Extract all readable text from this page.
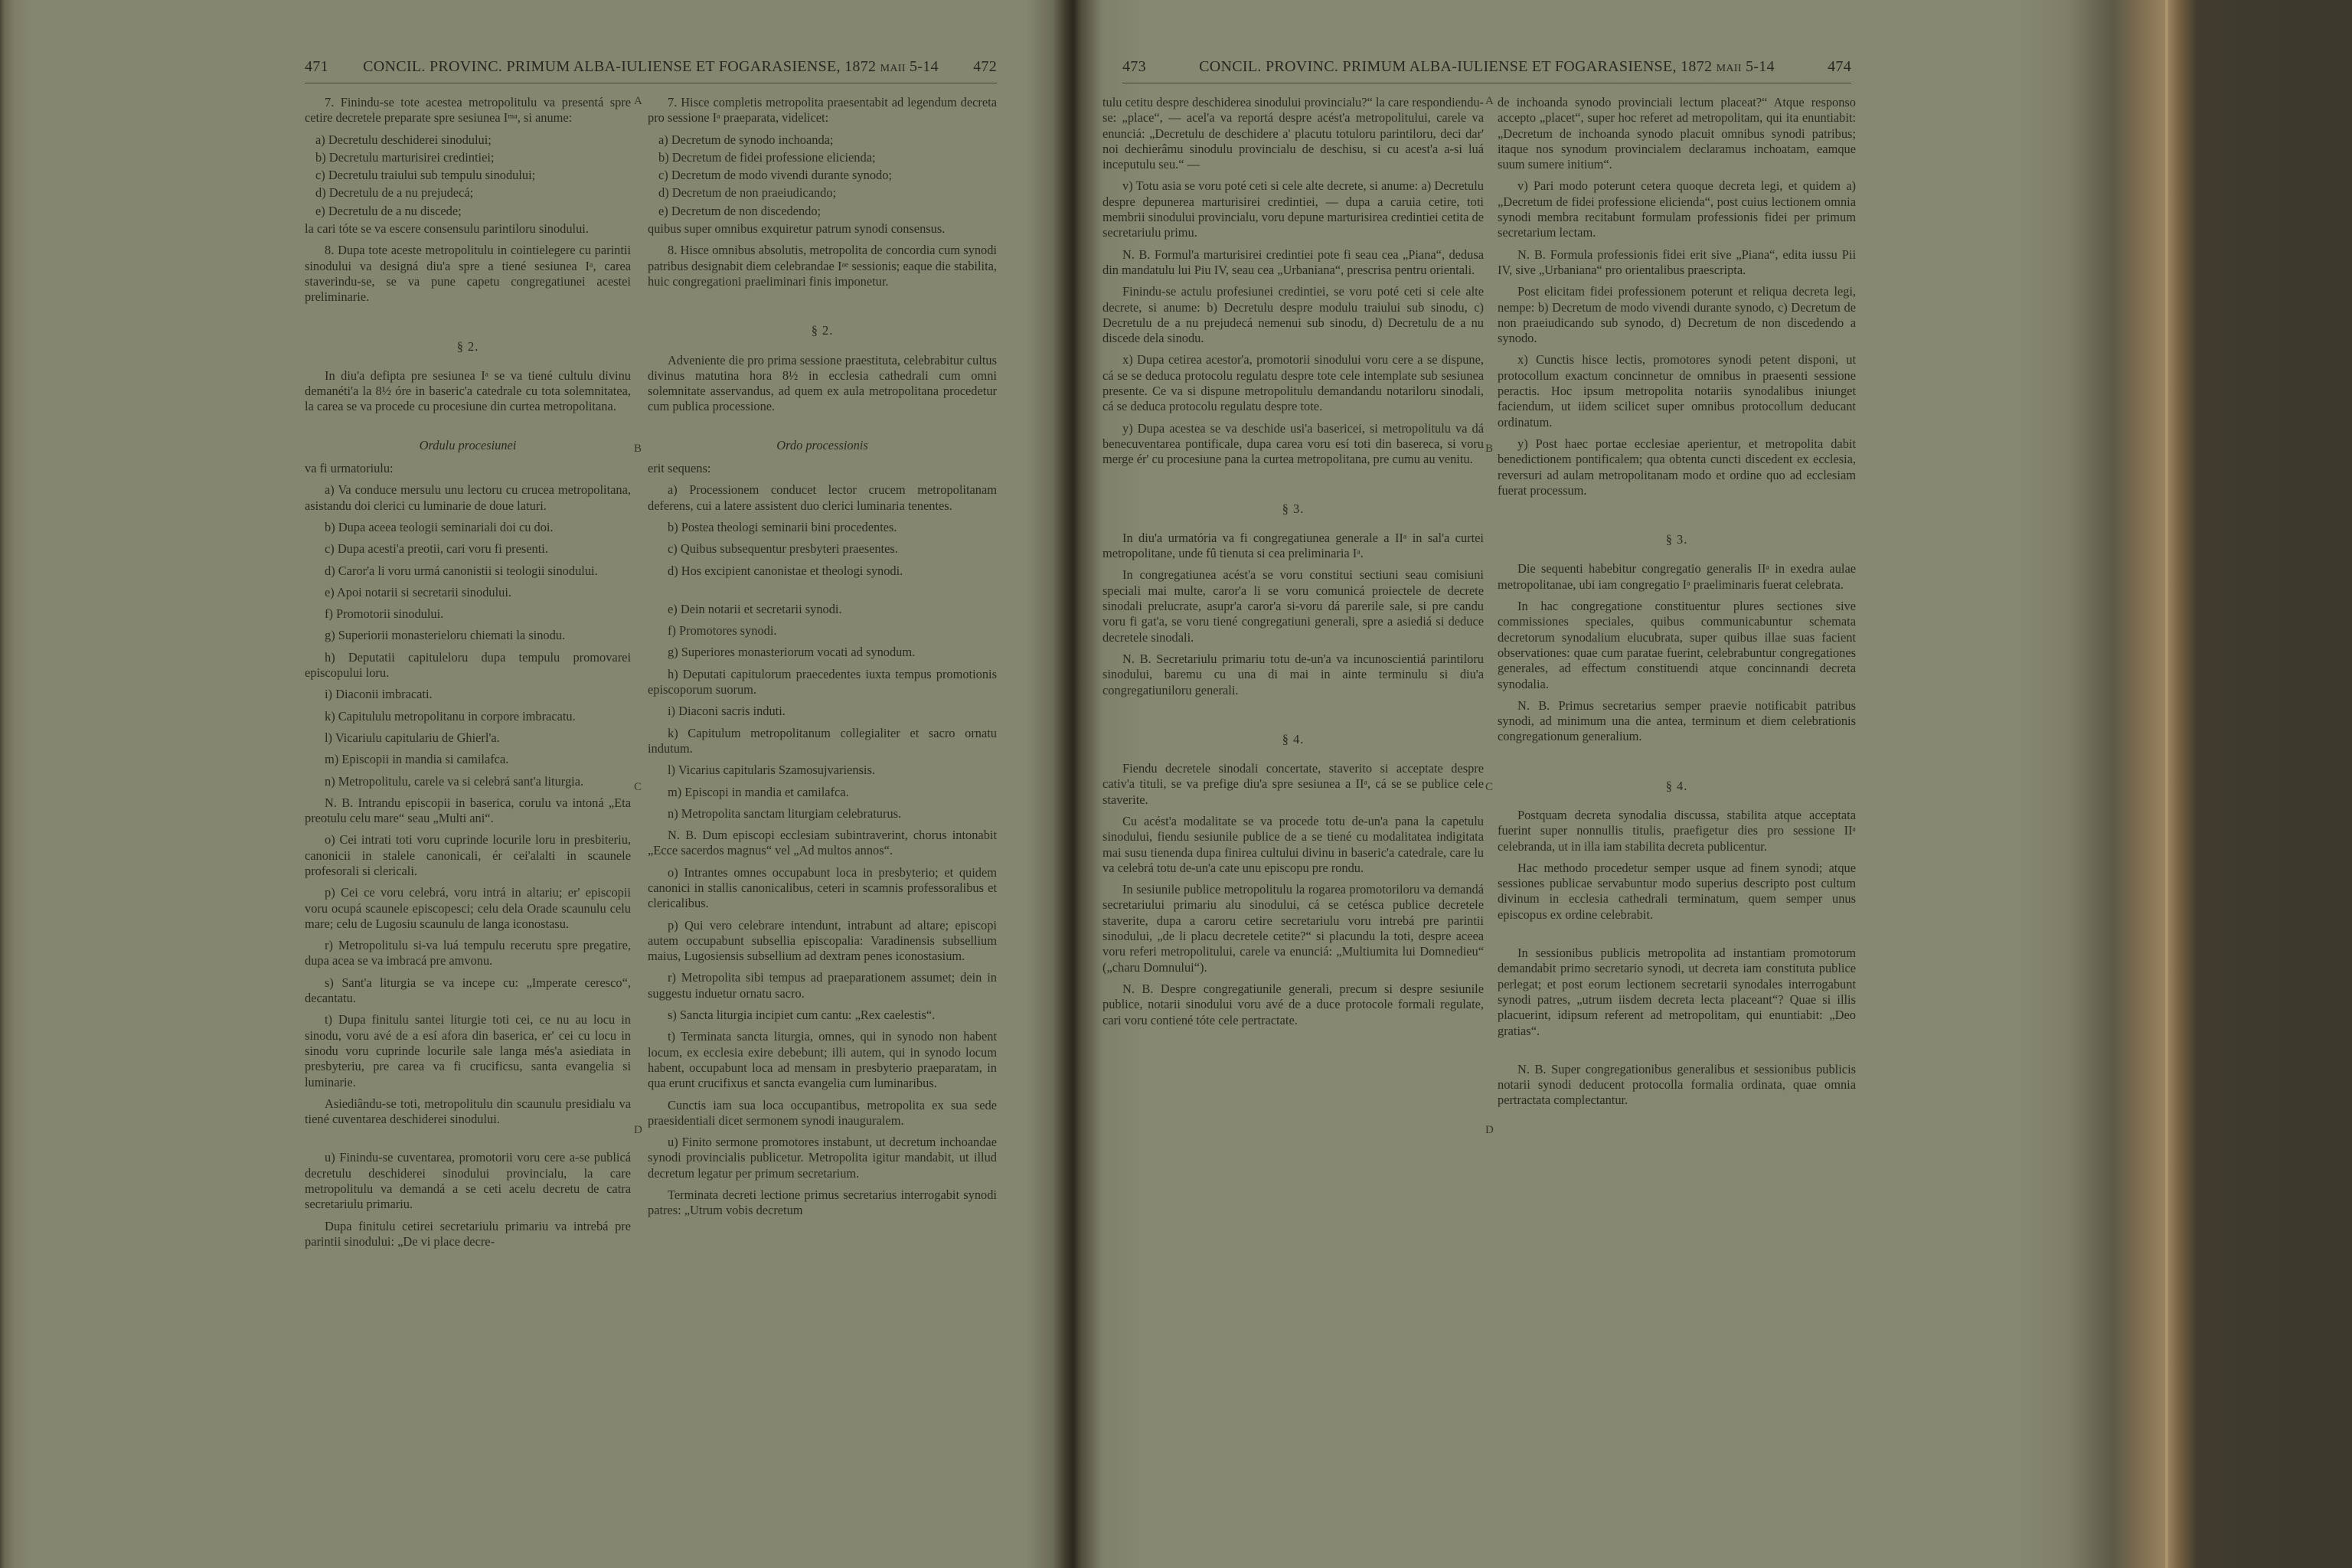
471 CONCIL. PROVINC. PRIMUM ALBA-IULIENSE ET FOGARASIENSE, 1872 maii 5-14 472

7. Finindu-se tote acestea metropolitulu va presentá spre cetire decretele preparate spre sesiunea Iᵐᵃ, si anume:

a) Decretulu deschiderei sinodului;

b) Decretulu marturisirei credintiei;

c) Decretulu traiului sub tempulu sinodului;

d) Decretulu de a nu prejudecá;

e) Decretulu de a nu discede;

la cari tóte se va escere consensulu parintiloru sinodului.

8. Dupa tote aceste metropolitulu in cointielegere cu parintii sinodului va designá diu'a spre a tiené sesiunea Iᵃ, carea staverindu-se, se va pune capetu congregatiunei acestei preliminarie.

§ 2.

In diu'a defipta pre sesiunea Iᵃ se va tiené cultulu divinu demanéti'a la 8½ óre in baseric'a catedrale cu tota solemnitatea, la carea se va procede cu procesiune din curtea metropolitana.

Ordulu procesiunei

va fi urmatoriulu:

a) Va conduce mersulu unu lectoru cu crucea metropolitana, asistandu doi clerici cu luminarie de doue laturi.

b) Dupa aceea teologii seminariali doi cu doi.

c) Dupa acesti'a preotii, cari voru fi presenti.

d) Caror'a li voru urmá canonistii si teologii sinodului.

e) Apoi notarii si secretarii sinodului.

f) Promotorii sinodului.

g) Superiorii monasterieloru chiemati la sinodu.

h) Deputatii capituleloru dupa tempulu promovarei episcopului loru.

i) Diaconii imbracati.

k) Capitululu metropolitanu in corpore imbracatu.

l) Vicariulu capitulariu de Ghierl'a.

m) Episcopii in mandia si camilafca.

n) Metropolitulu, carele va si celebrá sant'a liturgia.

N. B. Intrandu episcopii in baserica, corulu va intoná „Eta preotulu celu mare“ seau „Multi ani“.

o) Cei intrati toti voru cuprinde locurile loru in presbiteriu, canonicii in stalele canonicali, ér cei'alalti in scaunele profesorali si clericali.

p) Cei ce voru celebrá, voru intrá in altariu; er' episcopii voru ocupá scaunele episcopesci; celu dela Orade scaunulu celu mare; celu de Lugosiu scaunulu de langa iconostasu.

r) Metropolitulu si-va luá tempulu recerutu spre pregatire, dupa acea se va imbracá pre amvonu.

s) Sant'a liturgia se va incepe cu: „Imperate ceresco“, decantatu.

t) Dupa finitulu santei liturgie toti cei, ce nu au locu in sinodu, voru avé de a esí afora din baserica, er' cei cu locu in sinodu voru cuprinde locurile sale langa més'a asiediata in presbyteriu, pre carea va fi crucificsu, santa evangelia si luminarie.

Asiediându-se toti, metropolitulu din scaunulu presidialu va tiené cuventarea deschiderei sinodului.

u) Finindu-se cuventarea, promotorii voru cere a-se publicá decretulu deschiderei sinodului provincialu, la care metropolitulu va demandá a se ceti acelu decretu de catra secretariulu primariu.

Dupa finitulu cetirei secretariulu primariu va intrebá pre parintii sinodului: „De vi place decre-

7. Hisce completis metropolita praesentabit ad legendum decreta pro sessione Iᵃ praeparata, videlicet:

a) Decretum de synodo inchoanda;

b) Decretum de fidei professione elicienda;

c) Decretum de modo vivendi durante synodo;

d) Decretum de non praeiudicando;

e) Decretum de non discedendo;

quibus super omnibus exquiretur patrum synodi consensus.

8. Hisce omnibus absolutis, metropolita de concordia cum synodi patribus designabit diem celebrandae Iᵃᵉ sessionis; eaque die stabilita, huic congregationi praeliminari finis imponetur.

§ 2.

Adveniente die pro prima sessione praestituta, celebrabitur cultus divinus matutina hora 8½ in ecclesia cathedrali cum omni solemnitate asservandus, ad quem ex aula metropolitana procedetur cum publica processione.

Ordo processionis

erit sequens:

a) Processionem conducet lector crucem metropolitanam deferens, cui a latere assistent duo clerici luminaria tenentes.

b) Postea theologi seminarii bini procedentes.

c) Quibus subsequentur presbyteri praesentes.

d) Hos excipient canonistae et theologi synodi.

e) Dein notarii et secretarii synodi.

f) Promotores synodi.

g) Superiores monasteriorum vocati ad synodum.

h) Deputati capitulorum praecedentes iuxta tempus promotionis episcoporum suorum.

i) Diaconi sacris induti.

k) Capitulum metropolitanum collegialiter et sacro ornatu indutum.

l) Vicarius capitularis Szamosujvariensis.

m) Episcopi in mandia et camilafca.

n) Metropolita sanctam liturgiam celebraturus.

N. B. Dum episcopi ecclesiam subintraverint, chorus intonabit „Ecce sacerdos magnus“ vel „Ad multos annos“.

o) Intrantes omnes occupabunt loca in presbyterio; et quidem canonici in stallis canonicalibus, ceteri in scamnis professoralibus et clericalibus.

p) Qui vero celebrare intendunt, intrabunt ad altare; episcopi autem occupabunt subsellia episcopalia: Varadinensis subsellium maius, Lugosiensis subsellium ad dextram penes iconostasium.

r) Metropolita sibi tempus ad praeparationem assumet; dein in suggestu induetur ornatu sacro.

s) Sancta liturgia incipiet cum cantu: „Rex caelestis“.

t) Terminata sancta liturgia, omnes, qui in synodo non habent locum, ex ecclesia exire debebunt; illi autem, qui in synodo locum habent, occupabunt loca ad mensam in presbyterio praeparatam, in qua erunt crucifixus et sancta evangelia cum luminaribus.

Cunctis iam sua loca occupantibus, metropolita ex sua sede praesidentiali dicet sermonem synodi inauguralem.

u) Finito sermone promotores instabunt, ut decretum inchoandae synodi provincialis publicetur. Metropolita igitur mandabit, ut illud decretum legatur per primum secretarium.

Terminata decreti lectione primus secretarius interrogabit synodi patres: „Utrum vobis decretum

A
B
C
D
473	CONCIL. PROVINC. PRIMUM ALBA-IULIENSE ET FOGARASIENSE, 1872 maii 5-14	474

tulu cetitu despre deschiderea sinodului provincialu?“ la care respondiendu-se: „place“, — acel'a va reportá despre acést'a metropolitului, carele va enunciá: „Decretulu de deschidere a' placutu totuloru parintiloru, deci dar' noi dechierâmu sinodulu provincialu de deschisu, si cu acest'a a-si luá inceputulu seu.“ —

v) Totu asia se voru poté ceti si cele alte decrete, si anume: a) Decretulu despre depunerea marturisirei credintiei, — dupa a caruia cetire, toti membrii sinodului provincialu, voru depune marturisirea credintiei cetita de secretariulu primu.

N. B. Formul'a marturisirei credintiei pote fi seau cea „Piana“, dedusa din mandatulu lui Piu IV, seau cea „Urbaniana“, prescrisa pentru orientali.

Finindu-se actulu profesiunei credintiei, se voru poté ceti si cele alte decrete, si anume: b) Decretulu despre modulu traiului sub sinodu, c) Decretulu de a nu prejudecá nemenui sub sinodu, d) Decretulu de a nu discede dela sinodu.

x) Dupa cetirea acestor'a, promotorii sinodului voru cere a se dispune, cá se se deduca protocolu regulatu despre tote cele intemplate sub sesiunea presente. Ce va si dispune metropolitulu demandandu notariloru sinodali, cá se deduca protocolu regulatu despre tote.

y) Dupa acestea se va deschide usi'a basericei, si metropolitulu va dá benecuventarea pontificale, dupa carea voru esí toti din basereca, si voru merge ér' cu procesiune pana la curtea metropolitana, pre cumu au venitu.

§ 3.

In diu'a urmatória va fi congregatiunea generale a IIᵃ in sal'a curtei metropolitane, unde fû tienuta si cea preliminaria Iᵃ.

In congregatiunea acést'a se voru constitui sectiuni seau comisiuni speciali mai multe, caror'a li se voru comunicá proiectele de decrete sinodali prelucrate, asupr'a caror'a si-voru dá parerile sale, si pre candu voru fi gat'a, se voru tiené congregatiuni generali, spre a asiediá si deduce decretele sinodali.

N. B. Secretariulu primariu totu de-un'a va incunoscientiá parintiloru sinodului, baremu cu una di mai in ainte terminulu si diu'a congregatiuniloru generali.

§ 4.

Fiendu decretele sinodali concertate, staverito si acceptate despre cativ'a tituli, se va prefige diu'a spre sesiunea a IIᵃ, cá se se publice cele staverite.

Cu acést'a modalitate se va procede totu de-un'a pana la capetulu sinodului, fiendu sesiunile publice de a se tiené cu modalitatea indigitata mai susu tienenda dupa finirea cultului divinu in baseric'a catedrale, care lu va celebrá totu de-un'a cate unu episcopu pre rondu.

In sesiunile publice metropolitulu la rogarea promotoriloru va demandá secretariului primariu alu sinodului, cá se cetésca publice decretele staverite, dupa a caroru cetire secretariulu voru intrebá pre parintii sinodului, „de li placu decretele cetite?“ si placundu la toti, despre aceea voru referi metropolitului, carele va enunciá: „Multiumita lui Domnedieu“ („charu Domnului“).

N. B. Despre congregatiunile generali, precum si despre sesiunile publice, notarii sinodului voru avé de a duce protocole formali regulate, cari voru contiené tóte cele pertractate.

de inchoanda synodo provinciali lectum placeat?“ Atque responso accepto „placet“, super hoc referet ad metropolitam, qui ita enuntiabit: „Decretum de inchoanda synodo placuit omnibus synodi patribus; itaque nos synodum provincialem declaramus inchoatam, eamque suum sumere initium“.

v) Pari modo poterunt cetera quoque decreta legi, et quidem a) „Decretum de fidei professione elicienda“, post cuius lectionem omnia synodi membra recitabunt formulam professionis fidei per primum secretarium lectam.

N. B. Formula professionis fidei erit sive „Piana“, edita iussu Pii IV, sive „Urbaniana“ pro orientalibus praescripta.

Post elicitam fidei professionem poterunt et reliqua decreta legi, nempe: b) Decretum de modo vivendi durante synodo, c) Decretum de non praeiudicando sub synodo, d) Decretum de non discedendo a synodo.

x) Cunctis hisce lectis, promotores synodi petent disponi, ut protocollum exactum concinnetur de omnibus in praesenti sessione peractis. Hoc ipsum metropolita notariis synodalibus iniunget faciendum, ut iidem scilicet super omnibus protocollum deducant ordinatum.

y) Post haec portae ecclesiae aperientur, et metropolita dabit benedictionem pontificalem; qua obtenta cuncti discedent ex ecclesia, reversuri ad aulam metropolitanam modo et ordine quo ad ecclesiam fuerat processum.

§ 3.

Die sequenti habebitur congregatio generalis IIᵃ in exedra aulae metropolitanae, ubi iam congregatio Iᵃ praeliminaris fuerat celebrata.

In hac congregatione constituentur plures sectiones sive commissiones speciales, quibus communicabuntur schemata decretorum synodalium elucubrata, super quibus illae suas facient observationes: quae cum paratae fuerint, celebrabuntur congregationes generales, ad effectum constituendi atque concinnandi decreta synodalia.

N. B. Primus secretarius semper praevie notificabit patribus synodi, ad minimum una die antea, terminum et diem celebrationis congregationum generalium.

§ 4.

Postquam decreta synodalia discussa, stabilita atque acceptata fuerint super nonnullis titulis, praefigetur dies pro sessione IIᵃ celebranda, ut in illa iam stabilita decreta publicentur.

Hac methodo procedetur semper usque ad finem synodi; atque sessiones publicae servabuntur modo superius descripto post cultum divinum in ecclesia cathedrali terminatum, quem semper unus episcopus ex ordine celebrabit.

In sessionibus publicis metropolita ad instantiam promotorum demandabit primo secretario synodi, ut decreta iam constituta publice perlegat; et post eorum lectionem secretarii synodales interrogabunt synodi patres, „utrum iisdem decreta lecta placeant“? Quae si illis placuerint, idipsum referent ad metropolitam, qui enuntiabit: „Deo gratias“.

N. B. Super congregationibus generalibus et sessionibus publicis notarii synodi deducent protocolla formalia ordinata, quae omnia pertractata complectantur.

A
B
C
D
